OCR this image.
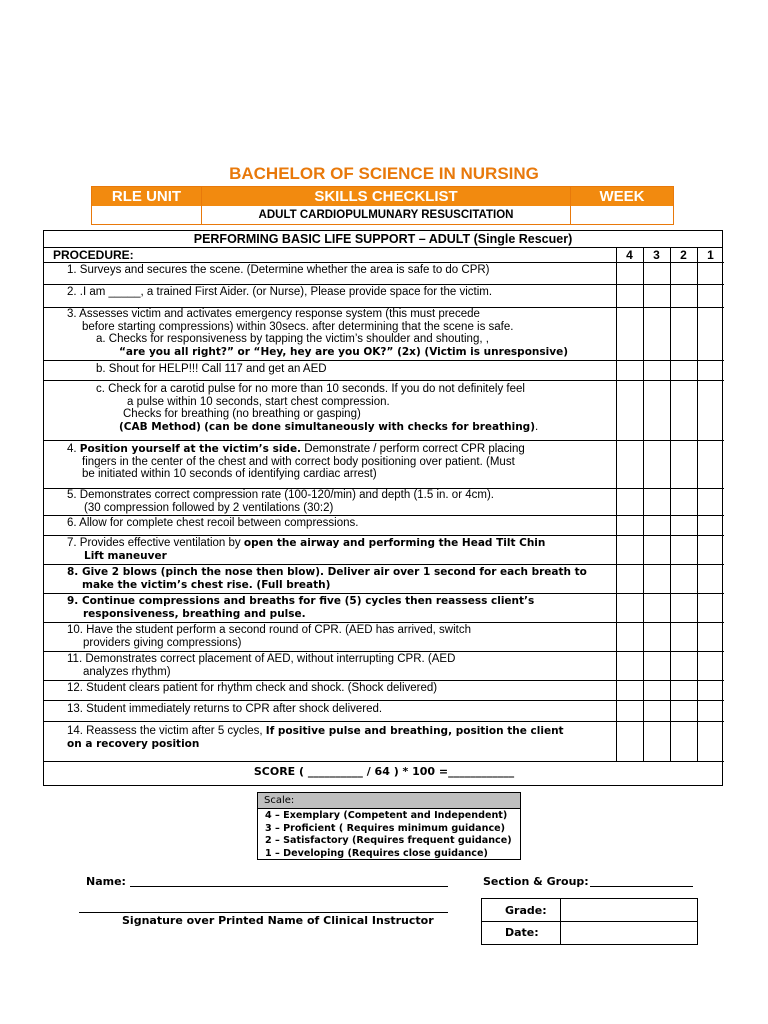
BACHELOR OF SCIENCE IN NURSING
RLE UNIT	SKILLS CHECKLIST	WEEK
ADULT CARDIOPULMUNARY RESUSCITATION
PERFORMING BASIC LIFE SUPPORT – ADULT (Single Rescuer)
PROCEDURE:	4	3	2	1
1. Surveys and secures the scene. (Determine whether the area is safe to do CPR)
2. .I am _____, a trained First Aider. (or Nurse), Please provide space for the victim.
3. Assesses victim and activates emergency response system (this must precede
before starting compressions) within 30secs. after determining that the scene is safe.
a. Checks for responsiveness by tapping the victim’s shoulder and shouting, ,
“are you all right?” or “Hey, hey are you OK?” (2x) (Victim is unresponsive)
b. Shout for HELP!!! Call 117 and get an AED
c. Check for a carotid pulse for no more than 10 seconds. If you do not definitely feel
a pulse within 10 seconds, start chest compression.
Checks for breathing (no breathing or gasping)
(CAB Method) (can be done simultaneously with checks for breathing).
4. Position yourself at the victim’s side. Demonstrate / perform correct CPR placing
fingers in the center of the chest and with correct body positioning over patient. (Must
be initiated within 10 seconds of identifying cardiac arrest)
5. Demonstrates correct compression rate (100-120/min) and depth (1.5 in. or 4cm).
(30 compression followed by 2 ventilations (30:2)
6. Allow for complete chest recoil between compressions.
7. Provides effective ventilation by open the airway and performing the Head Tilt Chin
Lift maneuver
8. Give 2 blows (pinch the nose then blow). Deliver air over 1 second for each breath to
make the victim’s chest rise. (Full breath)
9. Continue compressions and breaths for five (5) cycles then reassess client’s
responsiveness, breathing and pulse.
10. Have the student perform a second round of CPR. (AED has arrived, switch
providers giving compressions)
11. Demonstrates correct placement of AED, without interrupting CPR. (AED
analyzes rhythm)
12. Student clears patient for rhythm check and shock. (Shock delivered)
13. Student immediately returns to CPR after shock delivered.
14. Reassess the victim after 5 cycles, If positive pulse and breathing, position the client
on a recovery position
SCORE ( __________ / 64 ) * 100 =____________
Scale:
4 – Exemplary (Competent and Independent)
3 – Proficient ( Requires minimum guidance)
2 – Satisfactory (Requires frequent guidance)
1 – Developing (Requires close guidance)
Name:	Section & Group:
Signature over Printed Name of Clinical Instructor
Grade:
Date:
